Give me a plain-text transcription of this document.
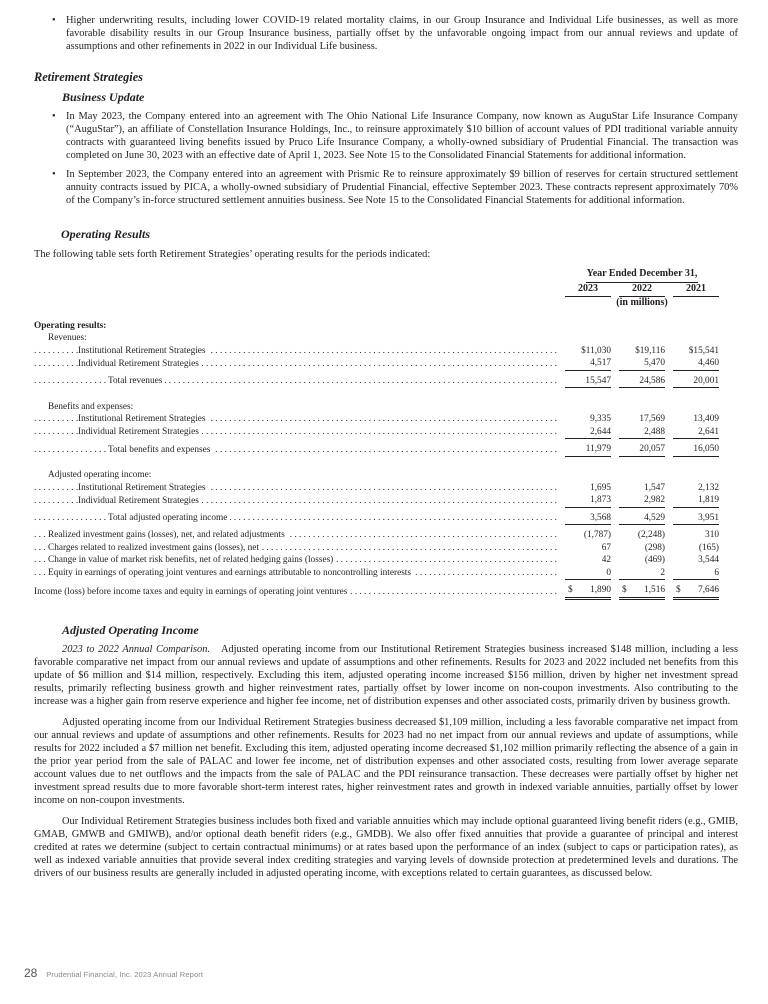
• Higher underwriting results, including lower COVID-19 related mortality claims, in our Group Insurance and Individual Life businesses, as well as more favorable disability results in our Group Insurance business, partially offset by the unfavorable ongoing impact from our annual reviews and update of assumptions and other refinements in 2022 in our Individual Life business.
Retirement Strategies
Business Update
• In May 2023, the Company entered into an agreement with The Ohio National Life Insurance Company, now known as AuguStar Life Insurance Company (“AuguStar”), an affiliate of Constellation Insurance Holdings, Inc., to reinsure approximately $10 billion of account values of PDI traditional variable annuity contracts with guaranteed living benefits issued by Pruco Life Insurance Company, a wholly-owned subsidiary of Prudential Financial. The transaction was completed on June 30, 2023 with an effective date of April 1, 2023. See Note 15 to the Consolidated Financial Statements for additional information.
• In September 2023, the Company entered into an agreement with Prismic Re to reinsure approximately $9 billion of reserves for certain structured settlement annuity contracts issued by PICA, a wholly-owned subsidiary of Prudential Financial, effective September 2023. These contracts represent approximately 70% of the Company’s in-force structured settlement annuities business. See Note 15 to the Consolidated Financial Statements for additional information.
Operating Results

The following table sets forth Retirement Strategies’ operating results for the periods indicated:

		Year Ended December 31,				
		2023		2022		2021
		(in millions)				

Operating results:						
Revenues:						

. . .
Institutional Retirement Strategies		$11,030		$19,116		$15,541

. . .
Individual Retirement Strategies		4,517		5,470		4,460

. . .
Total revenues		15,547		24,586		20,001

Benefits and expenses:						

. . .
Institutional Retirement Strategies		9,335		17,569		13,409

. . .
Individual Retirement Strategies		2,644		2,488		2,641

. . .
Total benefits and expenses		11,979		20,057		16,050

Adjusted operating income:						

. . .
Institutional Retirement Strategies		1,695		1,547		2,132

. . .
Individual Retirement Strategies		1,873		2,982		1,819

. . .
Total adjusted operating income		3,568		4,529		3,951

. . .
Realized investment gains (losses), net, and related adjustments		(1,787)		(2,248)		310

. . .
Charges related to realized investment gains (losses), net		67		(298)		(165)

. . .
Change in value of market risk benefits, net of related hedging gains (losses)		42		(469)		3,544

. . .
Equity in earnings of operating joint ventures and earnings attributable to noncontrolling interests		0		2		6

. . .
Income (loss) before income taxes and equity in earnings of operating joint ventures		$ 1,890		$ 1,516		$ 7,646
Adjusted Operating Income

2023 to 2022 Annual Comparison. Adjusted operating income from our Institutional Retirement Strategies business increased $148 million, including a less favorable comparative net impact from our annual reviews and update of assumptions and other refinements. Results for 2023 and 2022 included net benefits from this update of $6 million and $14 million, respectively. Excluding this item, adjusted operating income increased $156 million, driven by higher net investment spread results, primarily reflecting business growth and higher reinvestment rates, partially offset by lower income on non-coupon investments. Also contributing to the increase was a higher gain from reserve experience and higher fee income, net of distribution expenses and other associated costs, primarily driven by business growth.

Adjusted operating income from our Individual Retirement Strategies business decreased $1,109 million, including a less favorable comparative net impact from our annual reviews and update of assumptions and other refinements. Results for 2023 had no net impact from our annual reviews and update of assumptions, while results for 2022 included a $7 million net benefit. Excluding this item, adjusted operating income decreased $1,102 million primarily reflecting the absence of a gain in the prior year period from the sale of PALAC and lower fee income, net of distribution expenses and other associated costs, resulting from lower average separate account values due to net outflows and the impacts from the sale of PALAC and the PDI reinsurance transaction. These decreases were partially offset by higher net investment spread results due to more favorable short-term interest rates, higher reinvestment rates and growth in indexed variable annuities, partially offset by lower income on non-coupon investments.

Our Individual Retirement Strategies business includes both fixed and variable annuities which may include optional guaranteed living benefit riders (e.g., GMIB, GMAB, GMWB and GMIWB), and/or optional death benefit riders (e.g., GMDB). We also offer fixed annuities that provide a guarantee of principal and interest credited at rates we determine (subject to certain contractual minimums) or at rates based upon the performance of an index (subject to caps or participation rates), as well as indexed variable annuities that provide several index crediting strategies and varying levels of downside protection at predetermined levels and durations. The drivers of our business results are generally included in adjusted operating income, with exceptions related to certain guarantees, as discussed below.

28 Prudential Financial, Inc. 2023 Annual Report
